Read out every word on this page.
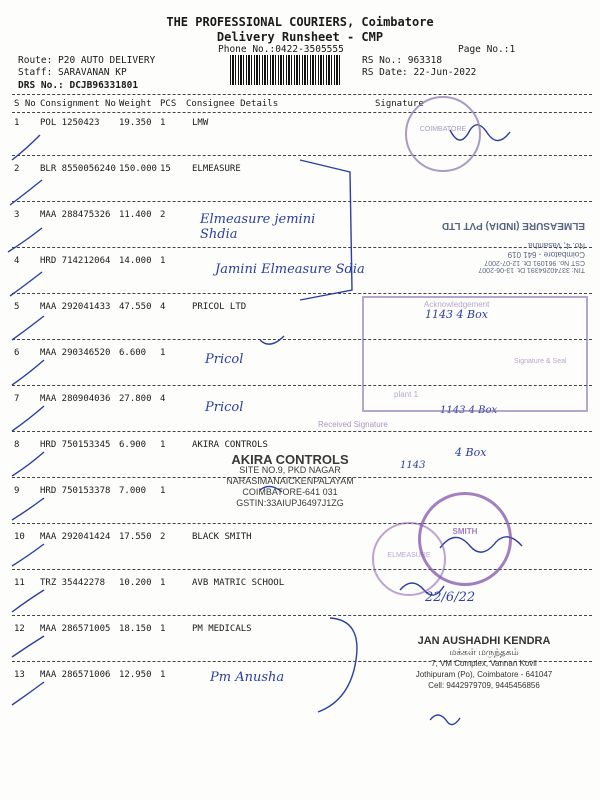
THE PROFESSIONAL COURIERS, Coimbatore
Delivery Runsheet - CMP
Phone No.:0422-3505555	Page No.:1
Route: P20 AUTO DELIVERY
Staff: SARAVANAN KP
DRS No.: DCJB96331801
RS No.: 963318
RS Date: 22-Jun-2022
S No Consignment No Weight PCS Consignee Details	Signature
1 POL 1250423 19.350 1	LMW
2 BLR 8550056240 150.000 15 ELMEASURE
3 MAA 288475326 11.400 2
4 HRD 714212064 14.000 1
5 MAA 292041433 47.550 4	PRICOL LTD
6 MAA 290346520 6.600 1
7 MAA 280904036 27.800 4
8 HRD 750153345 6.900 1	AKIRA CONTROLS
9 HRD 750153378 7.000 1
10 MAA 292041424 17.550 2	BLACK SMITH
11 TRZ 35442278 10.200 1	AVB MATRIC SCHOOL
12 MAA 286571005 18.150 1	PM MEDICALS
13 MAA 286571006 12.950 1
Elmeasure jemini Shdia
Jamini Elmeasure Sdia
1143 4 Box
Pricol
Pricol	1143 4 Box
4 Box
1143
Pm Anusha
22/6/22
COIMBATORE
TIN: 33740264391 Dt. 13-06-2007
CST No. 961091 Dt. 12-07-2007
Coimbatore - 641 019
No. 4, Vasantha
ELMEASURE (INDIA) PVT LTD
Acknowledgement
plant 1
Signature & Seal
Received Signature
AKIRA CONTROLS
SITE NO.9, PKD NAGAR
NARASIMANAICKENPALAYAM
COIMBATORE-641 031
GSTIN:33AIUPJ6497J1ZG
SMITH
ELMEASURE
JAN AUSHADHI KENDRA
மக்கள் மருந்தகம்
7, VM Complex, Vannan Kovil
Jothipuram (Po), Coimbatore - 641047
Cell: 9442979709, 9445456856
